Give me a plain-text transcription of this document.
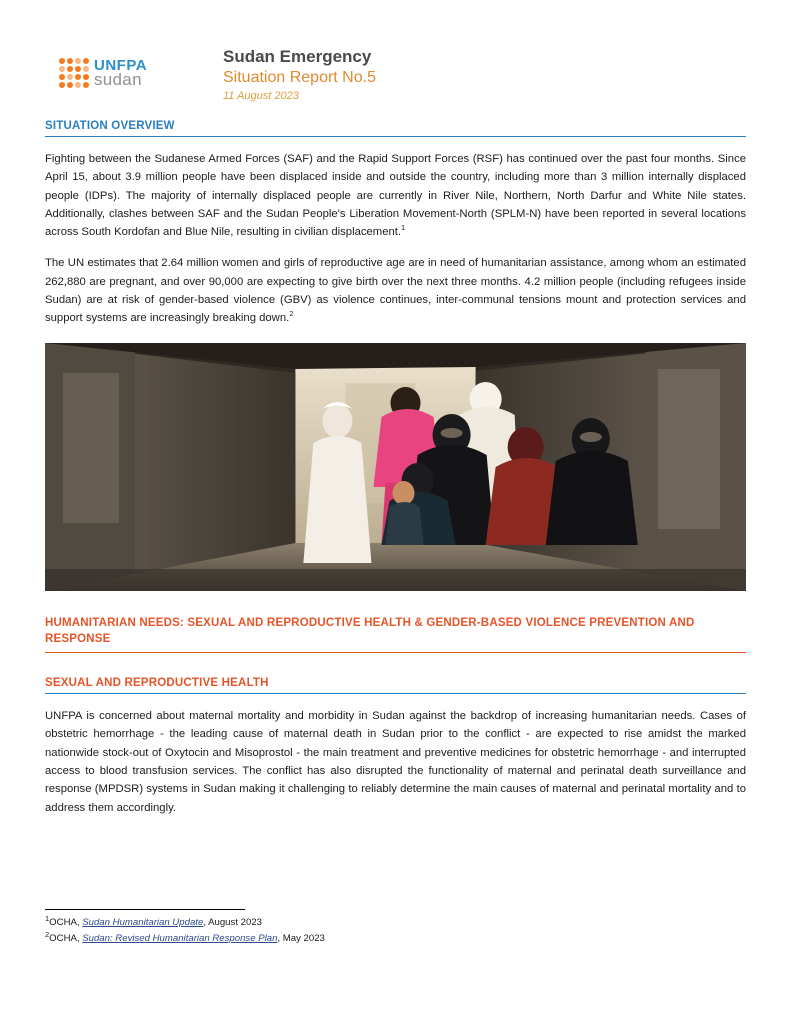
UNFPA
sudan
Sudan Emergency
Situation Report No.5
11 August 2023
SITUATION OVERVIEW

Fighting between the Sudanese Armed Forces (SAF) and the Rapid Support Forces (RSF) has continued over the past four months. Since April 15, about 3.9 million people have been displaced inside and outside the country, including more than 3 million internally displaced people (IDPs). The majority of internally displaced people are currently in River Nile, Northern, North Darfur and White Nile states. Additionally, clashes between SAF and the Sudan People's Liberation Movement-North (SPLM-N) have been reported in several locations across South Kordofan and Blue Nile, resulting in civilian displacement.$^1$

The UN estimates that 2.64 million women and girls of reproductive age are in need of humanitarian assistance, among whom an estimated 262,880 are pregnant, and over 90,000 are expecting to give birth over the next three months. 4.2 million people (including refugees inside Sudan) are at risk of gender-based violence (GBV) as violence continues, inter-communal tensions mount and protection services and support systems are increasingly breaking down.$^2$

HUMANITARIAN NEEDS: SEXUAL AND REPRODUCTIVE HEALTH & GENDER-BASED VIOLENCE PREVENTION AND RESPONSE
SEXUAL AND REPRODUCTIVE HEALTH

UNFPA is concerned about maternal mortality and morbidity in Sudan against the backdrop of increasing humanitarian needs. Cases of obstetric hemorrhage - the leading cause of maternal death in Sudan prior to the conflict - are expected to rise amidst the marked nationwide stock-out of Oxytocin and Misoprostol - the main treatment and preventive medicines for obstetric hemorrhage - and interrupted access to blood transfusion services. The conflict has also disrupted the functionality of maternal and perinatal death surveillance and response (MPDSR) systems in Sudan making it challenging to reliably determine the main causes of maternal and perinatal mortality and to address them accordingly.

$^1$OCHA, Sudan Humanitarian Update, August 2023
$^2$OCHA, Sudan: Revised Humanitarian Response Plan, May 2023
